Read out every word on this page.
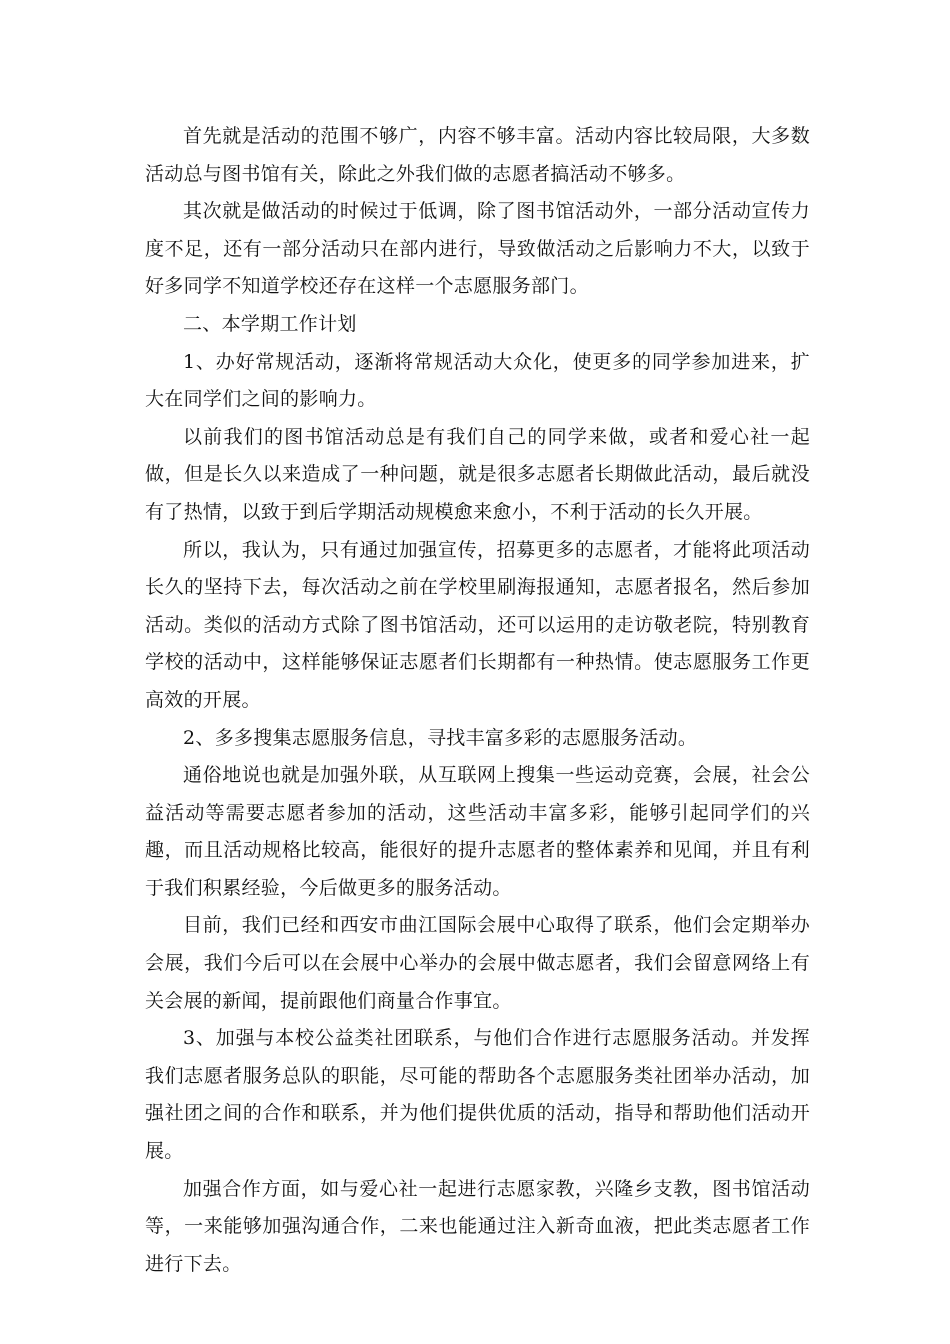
首先就是活动的范围不够广，内容不够丰富。活动内容比较局限，大多数活动总与图书馆有关，除此之外我们做的志愿者搞活动不够多。

其次就是做活动的时候过于低调，除了图书馆活动外，一部分活动宣传力度不足，还有一部分活动只在部内进行，导致做活动之后影响力不大，以致于好多同学不知道学校还存在这样一个志愿服务部门。

二、本学期工作计划

1、办好常规活动，逐渐将常规活动大众化，使更多的同学参加进来，扩大在同学们之间的影响力。

以前我们的图书馆活动总是有我们自己的同学来做，或者和爱心社一起做，但是长久以来造成了一种问题，就是很多志愿者长期做此活动，最后就没有了热情，以致于到后学期活动规模愈来愈小，不利于活动的长久开展。

所以，我认为，只有通过加强宣传，招募更多的志愿者，才能将此项活动长久的坚持下去，每次活动之前在学校里刷海报通知，志愿者报名，然后参加活动。类似的活动方式除了图书馆活动，还可以运用的走访敬老院，特别教育学校的活动中，这样能够保证志愿者们长期都有一种热情。使志愿服务工作更高效的开展。

2、多多搜集志愿服务信息，寻找丰富多彩的志愿服务活动。

通俗地说也就是加强外联，从互联网上搜集一些运动竞赛，会展，社会公益活动等需要志愿者参加的活动，这些活动丰富多彩，能够引起同学们的兴趣，而且活动规格比较高，能很好的提升志愿者的整体素养和见闻，并且有利于我们积累经验，今后做更多的服务活动。

目前，我们已经和西安市曲江国际会展中心取得了联系，他们会定期举办会展，我们今后可以在会展中心举办的会展中做志愿者，我们会留意网络上有关会展的新闻，提前跟他们商量合作事宜。

3、加强与本校公益类社团联系，与他们合作进行志愿服务活动。并发挥我们志愿者服务总队的职能，尽可能的帮助各个志愿服务类社团举办活动，加强社团之间的合作和联系，并为他们提供优质的活动，指导和帮助他们活动开展。

加强合作方面，如与爱心社一起进行志愿家教，兴隆乡支教，图书馆活动等，一来能够加强沟通合作，二来也能通过注入新奇血液，把此类志愿者工作进行下去。
